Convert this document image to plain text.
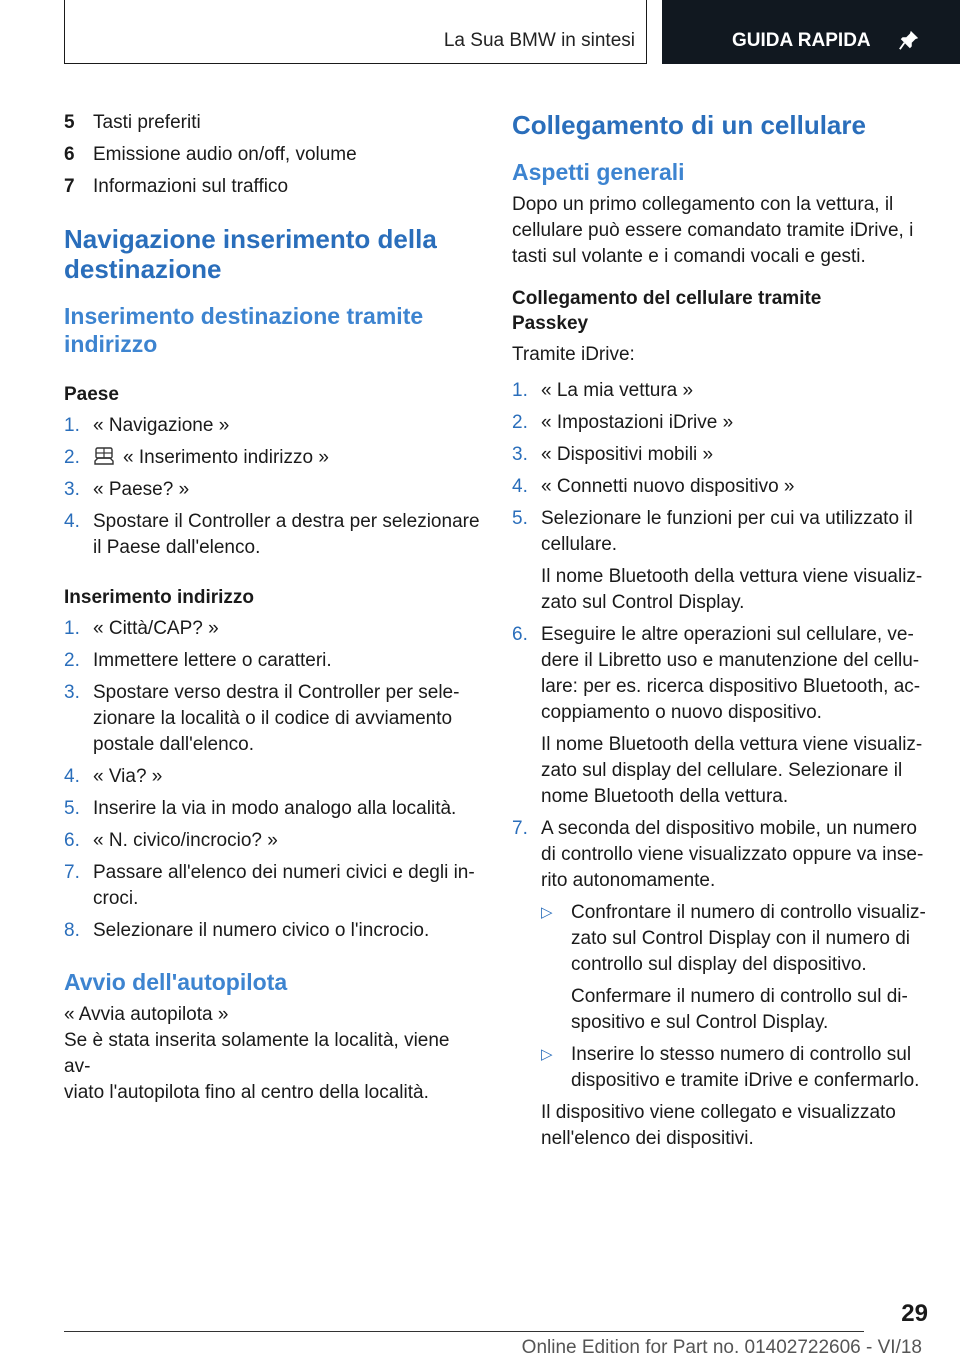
La Sua BMW in sintesi	GUIDA RAPIDA
5 Tasti preferiti
6 Emissione audio on/off, volume
7 Informazioni sul traffico
Navigazione inserimento della
destinazione
Inserimento destinazione tramite
indirizzo
Paese
1. « Navigazione »
2.	« Inserimento indirizzo »
3. « Paese? »
4. Spostare il Controller a destra per selezionare
il Paese dall'elenco.
Inserimento indirizzo
1. « Città/CAP? »
2. Immettere lettere o caratteri.
3. Spostare verso destra il Controller per sele-
zionare la località o il codice di avviamento
postale dall'elenco.
4. « Via? »
5. Inserire la via in modo analogo alla località.
6. « N. civico/incrocio? »
7. Passare all'elenco dei numeri civici e degli in-
croci.
8. Selezionare il numero civico o l'incrocio.
Avvio dell'autopilota
« Avvia autopilota »
Se è stata inserita solamente la località, viene av-
viato l'autopilota fino al centro della località.
Collegamento di un cellulare
Aspetti generali
Dopo un primo collegamento con la vettura, il
cellulare può essere comandato tramite iDrive, i
tasti sul volante e i comandi vocali e gesti.
Collegamento del cellulare tramite
Passkey
Tramite iDrive:
1. « La mia vettura »
2. « Impostazioni iDrive »
3. « Dispositivi mobili »
4. « Connetti nuovo dispositivo »
5. Selezionare le funzioni per cui va utilizzato il
cellulare.
Il nome Bluetooth della vettura viene visualiz-
zato sul Control Display.
6. Eseguire le altre operazioni sul cellulare, ve-
dere il Libretto uso e manutenzione del cellu-
lare: per es. ricerca dispositivo Bluetooth, ac-
coppiamento o nuovo dispositivo.
Il nome Bluetooth della vettura viene visualiz-
zato sul display del cellulare. Selezionare il
nome Bluetooth della vettura.
7. A seconda del dispositivo mobile, un numero
di controllo viene visualizzato oppure va inse-
rito autonomamente.
▷ Confrontare il numero di controllo visualiz-
zato sul Control Display con il numero di
controllo sul display del dispositivo.
Confermare il numero di controllo sul di-
spositivo e sul Control Display.
▷ Inserire lo stesso numero di controllo sul
dispositivo e tramite iDrive e confermarlo.
Il dispositivo viene collegato e visualizzato
nell'elenco dei dispositivi.
29
Online Edition for Part no. 01402722606 - VI/18
